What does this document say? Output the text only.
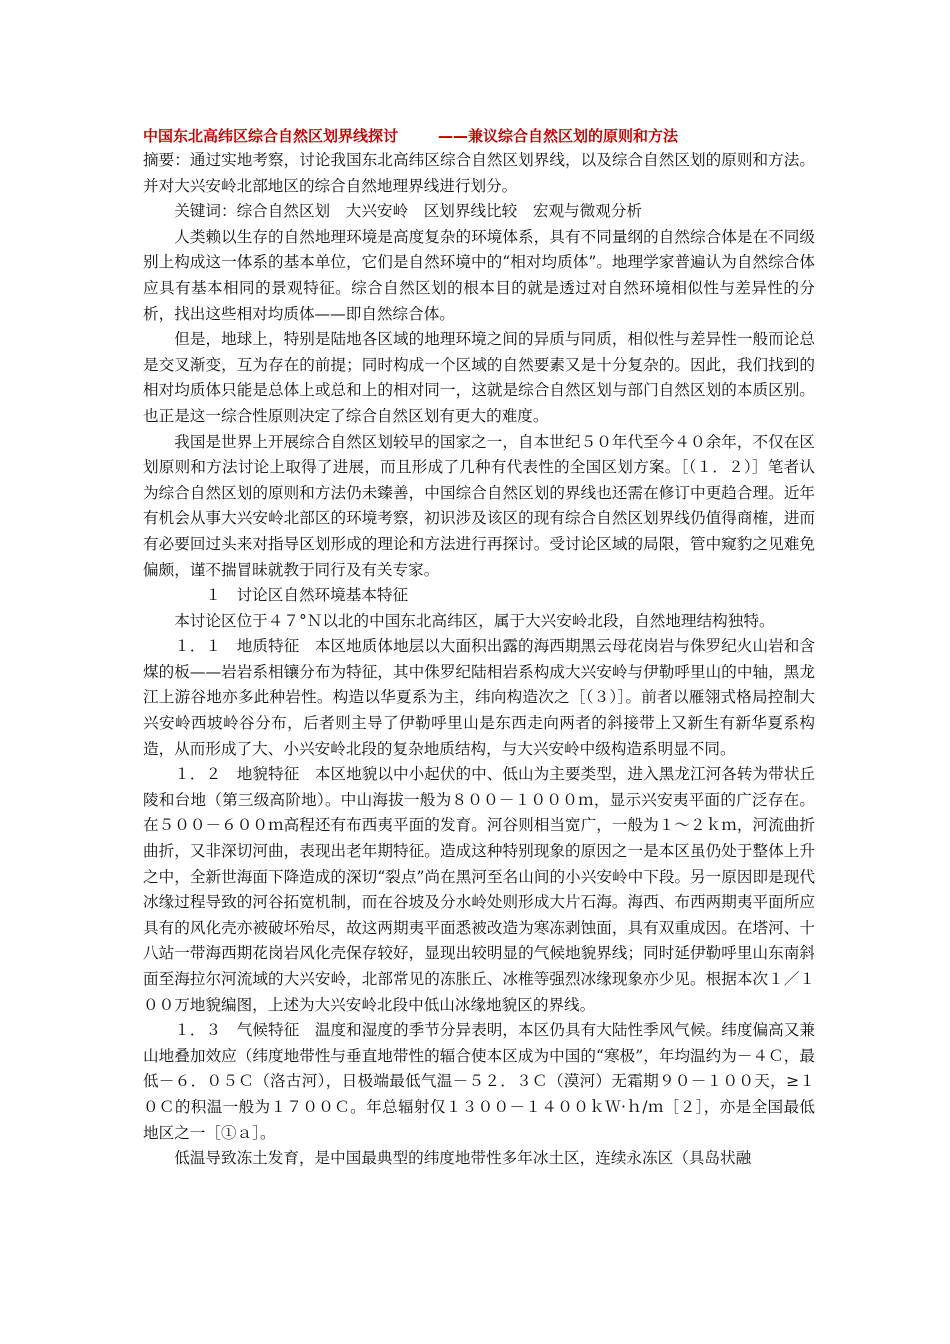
中国东北高纬区综合自然区划界线探讨	——兼议综合自然区划的原则和方法

摘要：通过实地考察，讨论我国东北高纬区综合自然区划界线，以及综合自然区划的原则和方法。并对大兴安岭北部地区的综合自然地理界线进行划分。

关键词：综合自然区划　大兴安岭　区划界线比较　宏观与微观分析

人类赖以生存的自然地理环境是高度复杂的环境体系，具有不同量纲的自然综合体是在不同级别上构成这一体系的基本单位，它们是自然环境中的“相对均质体”。地理学家普遍认为自然综合体应具有基本相同的景观特征。综合自然区划的根本目的就是透过对自然环境相似性与差异性的分析，找出这些相对均质体——即自然综合体。

但是，地球上，特别是陆地各区域的地理环境之间的异质与同质，相似性与差异性一般而论总是交叉渐变，互为存在的前提；同时构成一个区域的自然要素又是十分复杂的。因此，我们找到的相对均质体只能是总体上或总和上的相对同一，这就是综合自然区划与部门自然区划的本质区别。也正是这一综合性原则决定了综合自然区划有更大的难度。

我国是世界上开展综合自然区划较早的国家之一，自本世纪５０年代至今４０余年，不仅在区划原则和方法讨论上取得了进展，而且形成了几种有代表性的全国区划方案。［（１．２）］笔者认为综合自然区划的原则和方法仍未臻善，中国综合自然区划的界线也还需在修订中更趋合理。近年有机会从事大兴安岭北部区的环境考察，初识涉及该区的现有综合自然区划界线仍值得商榷，进而有必要回过头来对指导区划形成的理论和方法进行再探讨。受讨论区域的局限，管中窥豹之见难免偏颇，谨不揣冒昧就教于同行及有关专家。

１　讨论区自然环境基本特征

本讨论区位于４７°Ｎ以北的中国东北高纬区，属于大兴安岭北段，自然地理结构独特。

１．１　地质特征　本区地质体地层以大面积出露的海西期黑云母花岗岩与侏罗纪火山岩和含煤的板——岩岩系相镶分布为特征，其中侏罗纪陆相岩系构成大兴安岭与伊勒呼里山的中轴，黑龙江上游谷地亦多此种岩性。构造以华夏系为主，纬向构造次之［（３）］。前者以雁翎式格局控制大兴安岭西坡岭谷分布，后者则主导了伊勒呼里山是东西走向两者的斜接带上又新生有新华夏系构造，从而形成了大、小兴安岭北段的复杂地质结构，与大兴安岭中级构造系明显不同。

１．２　地貌特征　本区地貌以中小起伏的中、低山为主要类型，进入黑龙江河各转为带状丘陵和台地（第三级高阶地）。中山海拔一般为８００－１０００ｍ，显示兴安夷平面的广泛存在。在５００－６００ｍ高程还有布西夷平面的发育。河谷则相当宽广，一般为１～２ｋｍ，河流曲折曲折，又非深切河曲，表现出老年期特征。造成这种特别现象的原因之一是本区虽仍处于整体上升之中，全新世海面下降造成的深切“裂点”尚在黑河至名山间的小兴安岭中下段。另一原因即是现代冰缘过程导致的河谷拓宽机制，而在谷坡及分水岭处则形成大片石海。海西、布西两期夷平面所应具有的风化壳亦被破坏殆尽，故这两期夷平面悉被改造为寒冻剥蚀面，具有双重成因。在塔河、十八站一带海西期花岗岩风化壳保存较好，显现出较明显的气候地貌界线；同时延伊勒呼里山东南斜面至海拉尔河流域的大兴安岭，北部常见的冻胀丘、冰椎等强烈冰缘现象亦少见。根据本次１／１００万地貌编图，上述为大兴安岭北段中低山冰缘地貌区的界线。

１．３　气候特征　温度和湿度的季节分异表明，本区仍具有大陆性季风气候。纬度偏高又兼山地叠加效应（纬度地带性与垂直地带性的辐合使本区成为中国的“寒极”，年均温约为－４Ｃ，最低－６．０５Ｃ（洛古河），日极端最低气温－５２．３Ｃ（漠河）无霜期９０－１００天，≥１０Ｃ的积温一般为１７００Ｃ。年总辐射仅１３００－１４００ｋＷ·ｈ/ｍ［２］，亦是全国最低地区之一［①ａ］。

低温导致冻土发育，是中国最典型的纬度地带性多年冰土区，连续永冻区（具岛状融
